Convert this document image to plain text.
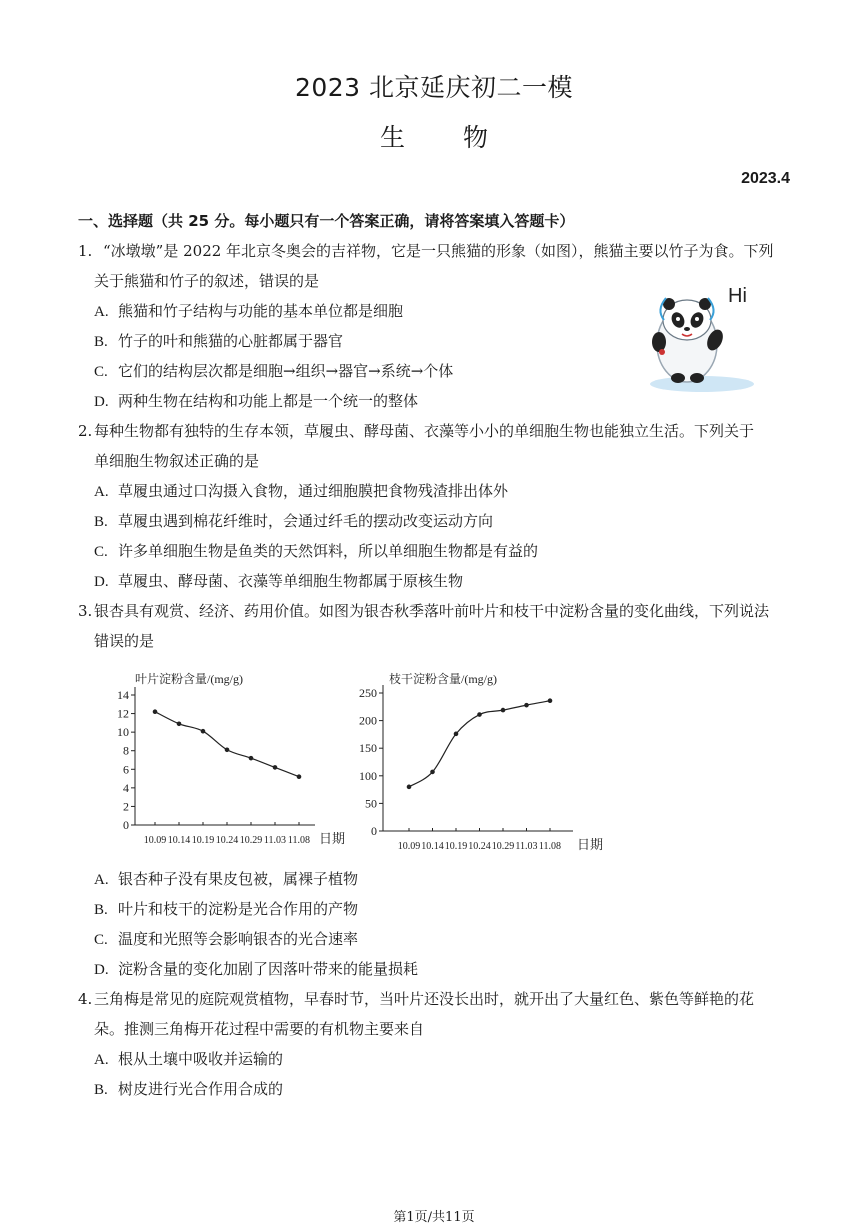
2023 北京延庆初二一模
生物
2023.4
一、选择题（共 25 分。每小题只有一个答案正确，请将答案填入答题卡）
1. “冰墩墩”是 2022 年北京冬奥会的吉祥物，它是一只熊猫的形象（如图），熊猫主要以竹子为食。下列
关于熊猫和竹子的叙述，错误的是
A. 熊猫和竹子结构与功能的基本单位都是细胞
B. 竹子的叶和熊猫的心脏都属于器官
C. 它们的结构层次都是细胞→组织→器官→系统→个体
D. 两种生物在结构和功能上都是一个统一的整体
Hi
2. 每种生物都有独特的生存本领，草履虫、酵母菌、衣藻等小小的单细胞生物也能独立生活。下列关于
单细胞生物叙述正确的是
A. 草履虫通过口沟摄入食物，通过细胞膜把食物残渣排出体外
B. 草履虫遇到棉花纤维时，会通过纤毛的摆动改变运动方向
C. 许多单细胞生物是鱼类的天然饵料，所以单细胞生物都是有益的
D. 草履虫、酵母菌、衣藻等单细胞生物都属于原核生物
3. 银杏具有观赏、经济、药用价值。如图为银杏秋季落叶前叶片和枝干中淀粉含量的变化曲线，下列说法
错误的是
0
2
4
6
8
10
12
14
10.09 10.14 10.19 10.24 10.29 11.03 11.08
叶片淀粉含量/(mg/g)
日期 0
50
100
150
200
250
10.09 10.14 10.19 10.24 10.29 11.03 11.08
枝干淀粉含量/(mg/g)
日期
A. 银杏种子没有果皮包被，属裸子植物
B. 叶片和枝干的淀粉是光合作用的产物
C. 温度和光照等会影响银杏的光合速率
D. 淀粉含量的变化加剧了因落叶带来的能量损耗
4. 三角梅是常见的庭院观赏植物，早春时节，当叶片还没长出时，就开出了大量红色、紫色等鲜艳的花
朵。推测三角梅开花过程中需要的有机物主要来自
A. 根从土壤中吸收并运输的
B. 树皮进行光合作用合成的
第1页/共11页
